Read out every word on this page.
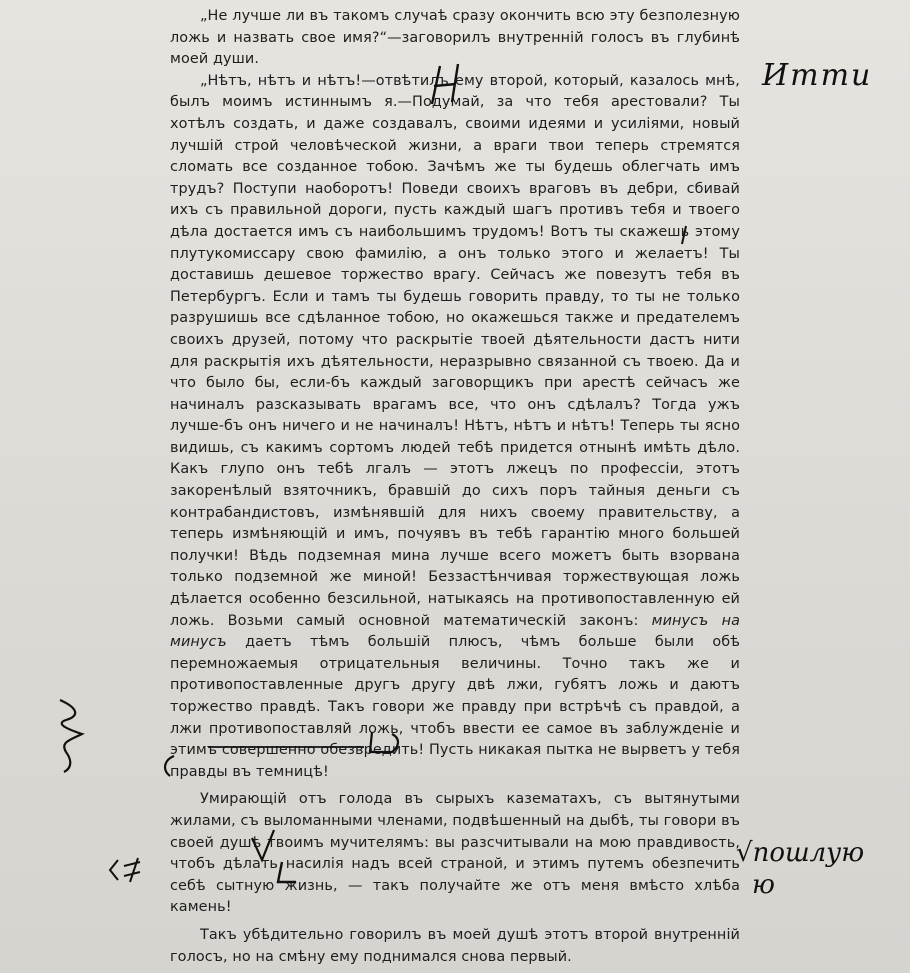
„Не лучше ли въ такомъ случаѣ сразу окончить всю эту безполезную ложь и назвать свое имя?“—заговорилъ внутренній голосъ въ глубинѣ моей души.

„Нѣтъ, нѣтъ и нѣтъ!—отвѣтилъ ему второй, который, казалось мнѣ, былъ моимъ истиннымъ я.—Подумай, за что тебя арестовали? Ты хотѣлъ создать, и даже создавалъ, своими идеями и усиліями, новый лучшій строй человѣческой жизни, а враги твои теперь стремятся сломать все созданное тобою. Зачѣмъ же ты будешь облегчать имъ трудъ? Поступи наоборотъ! Поведи своихъ враговъ въ дебри, сбивай ихъ съ правильной дороги, пусть каждый шагъ противъ тебя и твоего дѣла достается имъ съ наибольшимъ трудомъ! Вотъ ты скажешь этому плутукомиссару свою фамилію, а онъ только этого и желаетъ! Ты доставишь дешевое торжество врагу. Сейчасъ же повезутъ тебя въ Петербургъ. Если и тамъ ты будешь говорить правду, то ты не только разрушишь все сдѣланное тобою, но окажешься также и предателемъ своихъ друзей, потому что раскрытіе твоей дѣятельности дастъ нити для раскрытія ихъ дѣятельности, неразрывно связанной съ твоею. Да и что было бы, если-бъ каждый заговорщикъ при арестѣ сейчасъ же начиналъ разсказывать врагамъ все, что онъ сдѣлалъ? Тогда ужъ лучше-бъ онъ ничего и не начиналъ! Нѣтъ, нѣтъ и нѣтъ! Теперь ты ясно видишь, съ какимъ сортомъ людей тебѣ придется отнынѣ имѣть дѣло. Какъ глупо онъ тебѣ лгалъ — этотъ лжецъ по профессіи, этотъ закоренѣлый взяточникъ, бравшій до сихъ поръ тайныя деньги съ контрабандистовъ, измѣнявшій для нихъ своему правительству, а теперь измѣняющій и имъ, почуявъ въ тебѣ гарантію много большей получки! Вѣдь подземная мина лучше всего можетъ быть взорвана только подземной же миной! Беззастѣнчивая торжествующая ложь дѣлается особенно безсильной, натыкаясь на противопоставленную ей ложь. Возьми самый основной математическій законъ: минусъ на минусъ даетъ тѣмъ большій плюсъ, чѣмъ больше были обѣ перемножаемыя отрицательныя величины. Точно такъ же и противопоставленные другъ другу двѣ лжи, губятъ ложь и даютъ торжество правдѣ. Такъ говори же правду при встрѣчѣ съ правдой, а лжи противопоставляй ложь, чтобъ ввести ее самое въ заблужденіе и этимъ совершенно обезвредить! Пусть никакая пытка не вырветъ у тебя правды въ темницѣ!

Умирающій отъ голода въ сырыхъ казематахъ, съ вытянутыми жилами, съ выломанными членами, подвѣшенный на дыбѣ, ты говори въ своей душѣ твоимъ мучителямъ: вы разсчитывали на мою правдивость, чтобъ дѣлать насилія надъ всей страной, и этимъ путемъ обезпечить себѣ сытную жизнь, — такъ получайте же отъ меня вмѣсто хлѣба камень!

Такъ убѣдительно говорилъ въ моей душѣ этотъ второй внутренній голосъ, но на смѣну ему поднимался снова первый.

Итти
√пошлую
ю
